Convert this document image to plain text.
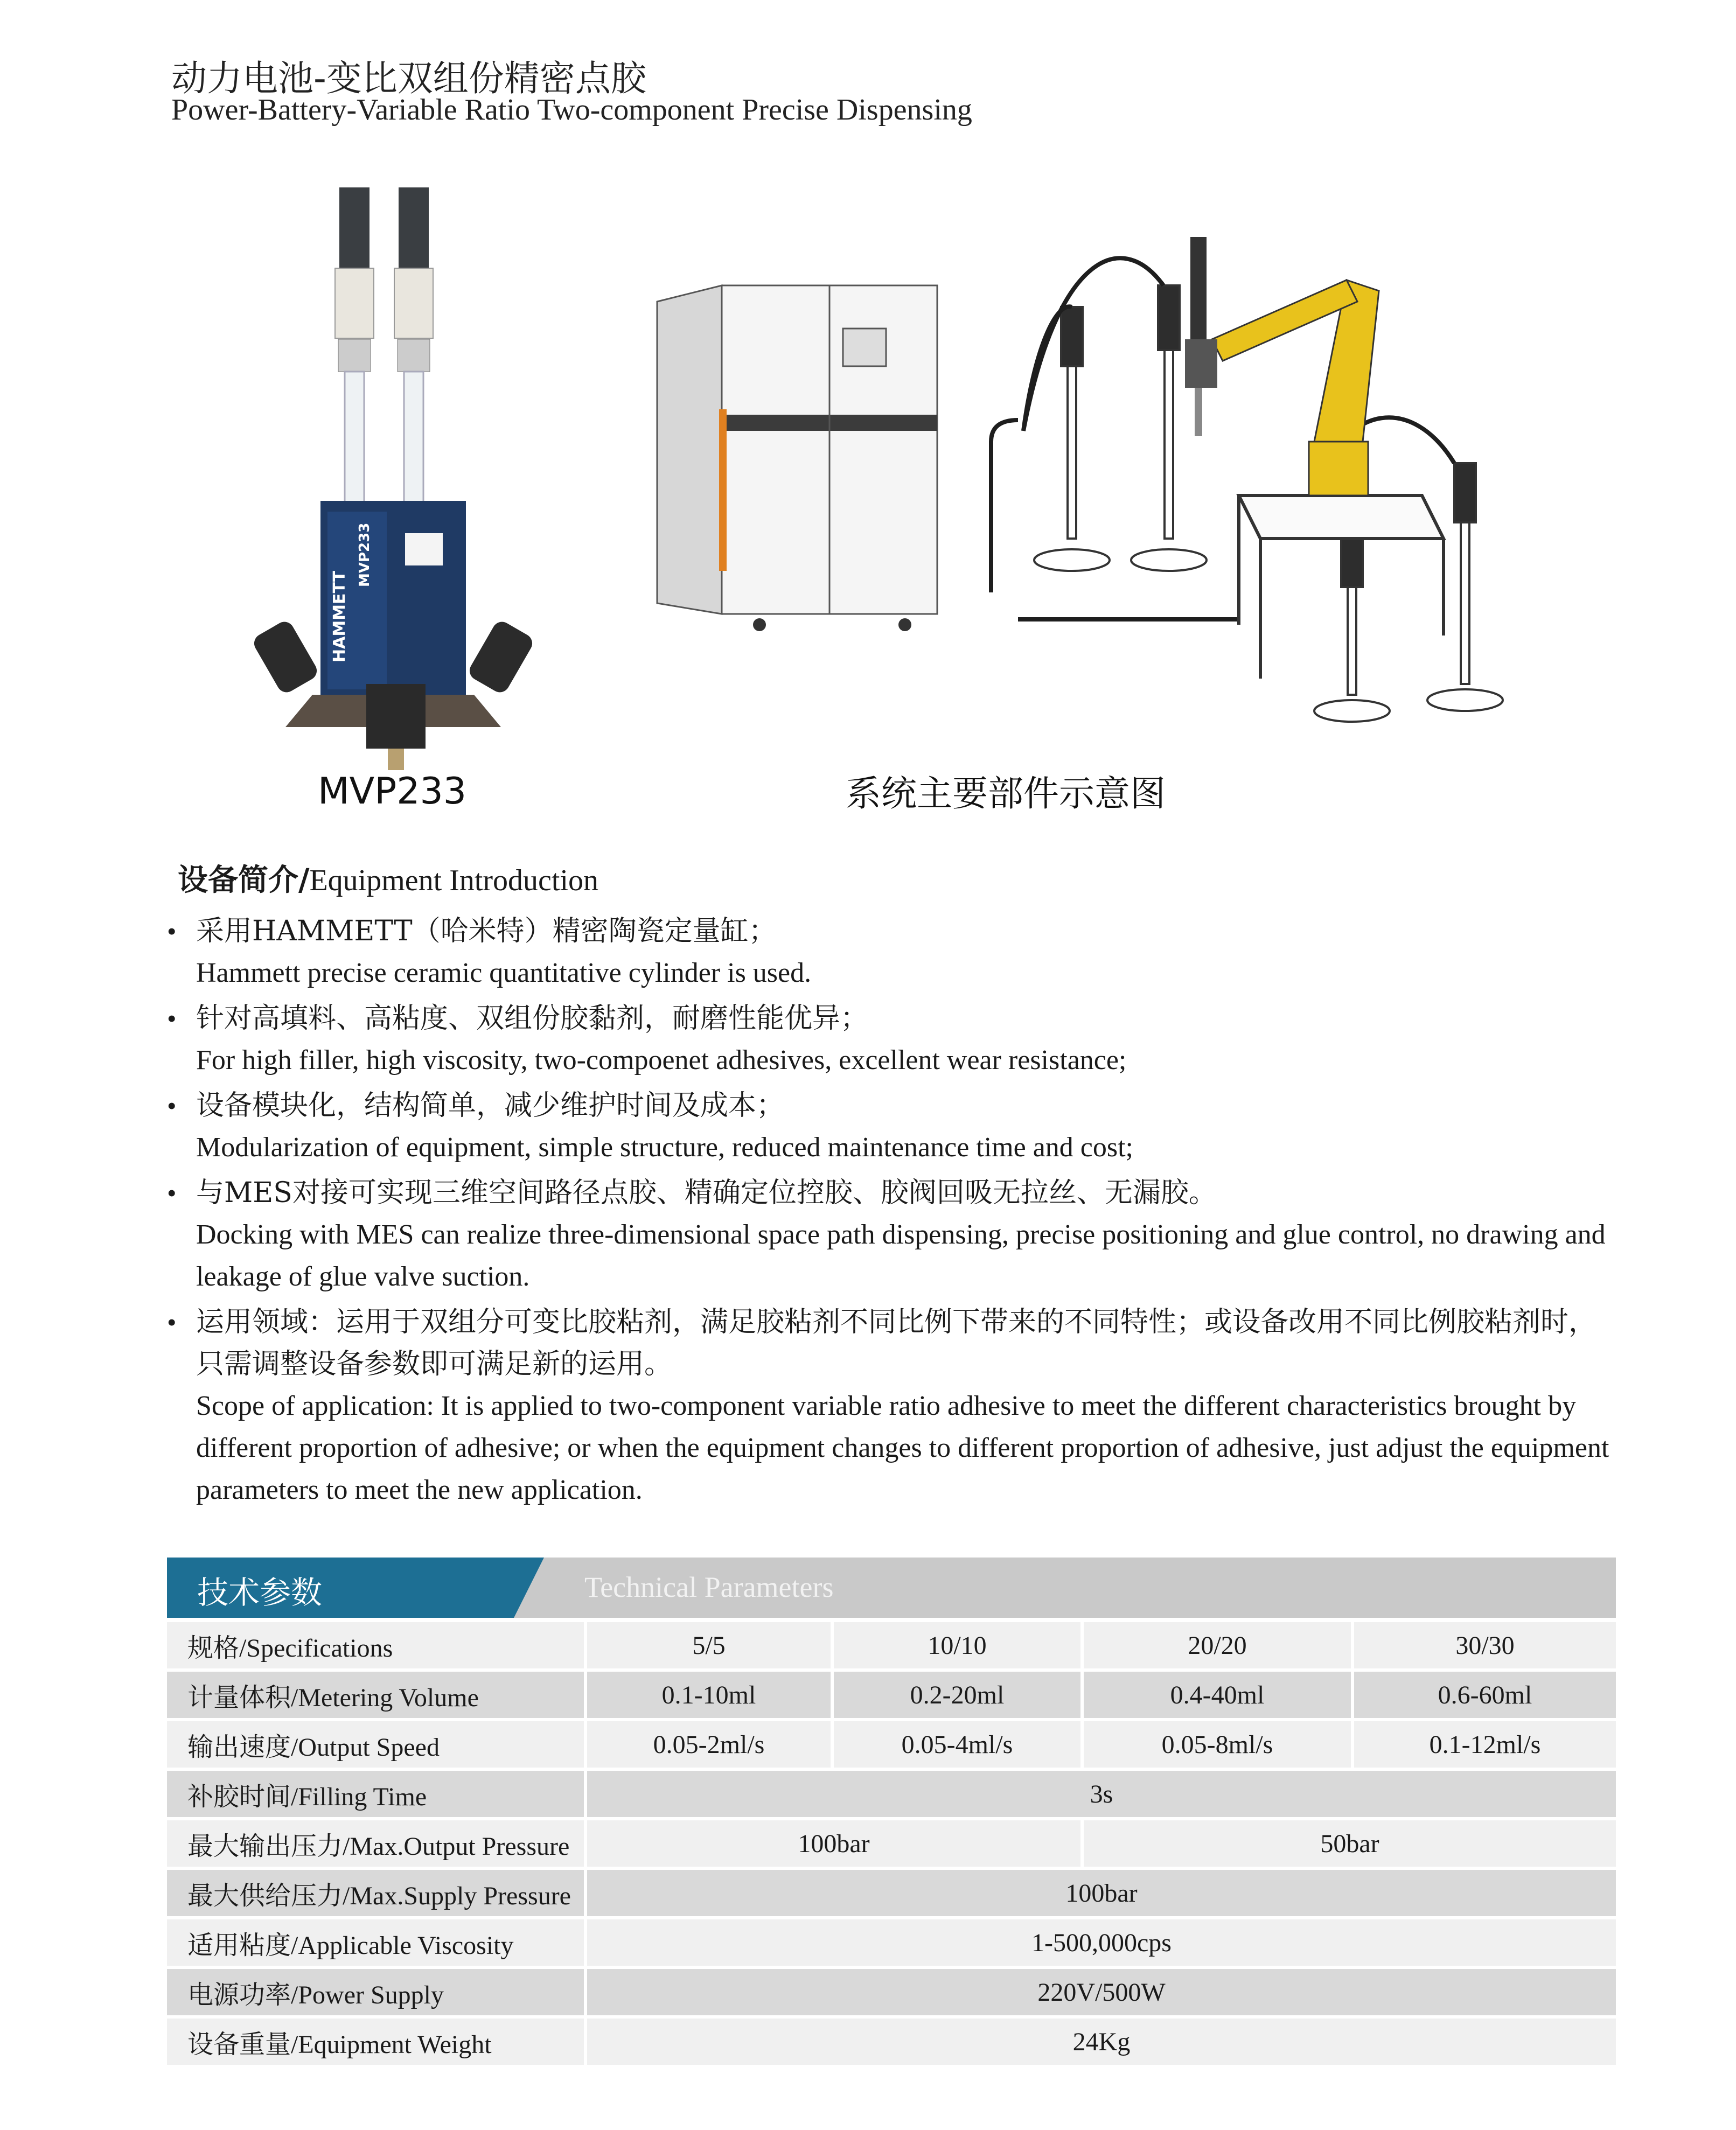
动力电池-变比双组份精密点胶
Power-Battery-Variable Ratio Two-component Precise Dispensing
HAMMETT
MVP233
MVP233	系统主要部件示意图
设备简介/Equipment Introduction
• 采用HAMMETT（哈米特）精密陶瓷定量缸；
Hammett precise ceramic quantitative cylinder is used.
• 针对高填料、高粘度、双组份胶黏剂，耐磨性能优异；
For high filler, high viscosity, two-compoenet adhesives, excellent wear resistance;
• 设备模块化，结构简单，减少维护时间及成本；
Modularization of equipment, simple structure, reduced maintenance time and cost;
• 与MES对接可实现三维空间路径点胶、精确定位控胶、胶阀回吸无拉丝、无漏胶。
Docking with MES can realize three-dimensional space path dispensing, precise positioning and glue control, no drawing and leakage of glue valve suction.
• 运用领域：运用于双组分可变比胶粘剂，满足胶粘剂不同比例下带来的不同特性；或设备改用不同比例胶粘剂时，只需调整设备参数即可满足新的运用。
Scope of application: It is applied to two-component variable ratio adhesive to meet the different characteristics brought by different proportion of adhesive; or when the equipment changes to different proportion of adhesive, just adjust the equipment parameters to meet the new application.
技术参数	Technical Parameters
规格/Specifications	5/5	10/10	20/20	30/30
计量体积/Metering Volume	0.1-10ml	0.2-20ml	0.4-40ml	0.6-60ml
输出速度/Output Speed	0.05-2ml/s	0.05-4ml/s	0.05-8ml/s	0.1-12ml/s
补胶时间/Filling Time	3s
最大输出压力/Max.Output Pressure	100bar	50bar
最大供给压力/Max.Supply Pressure	100bar
适用粘度/Applicable Viscosity	1-500,000cps
电源功率/Power Supply	220V/500W
设备重量/Equipment Weight	24Kg
